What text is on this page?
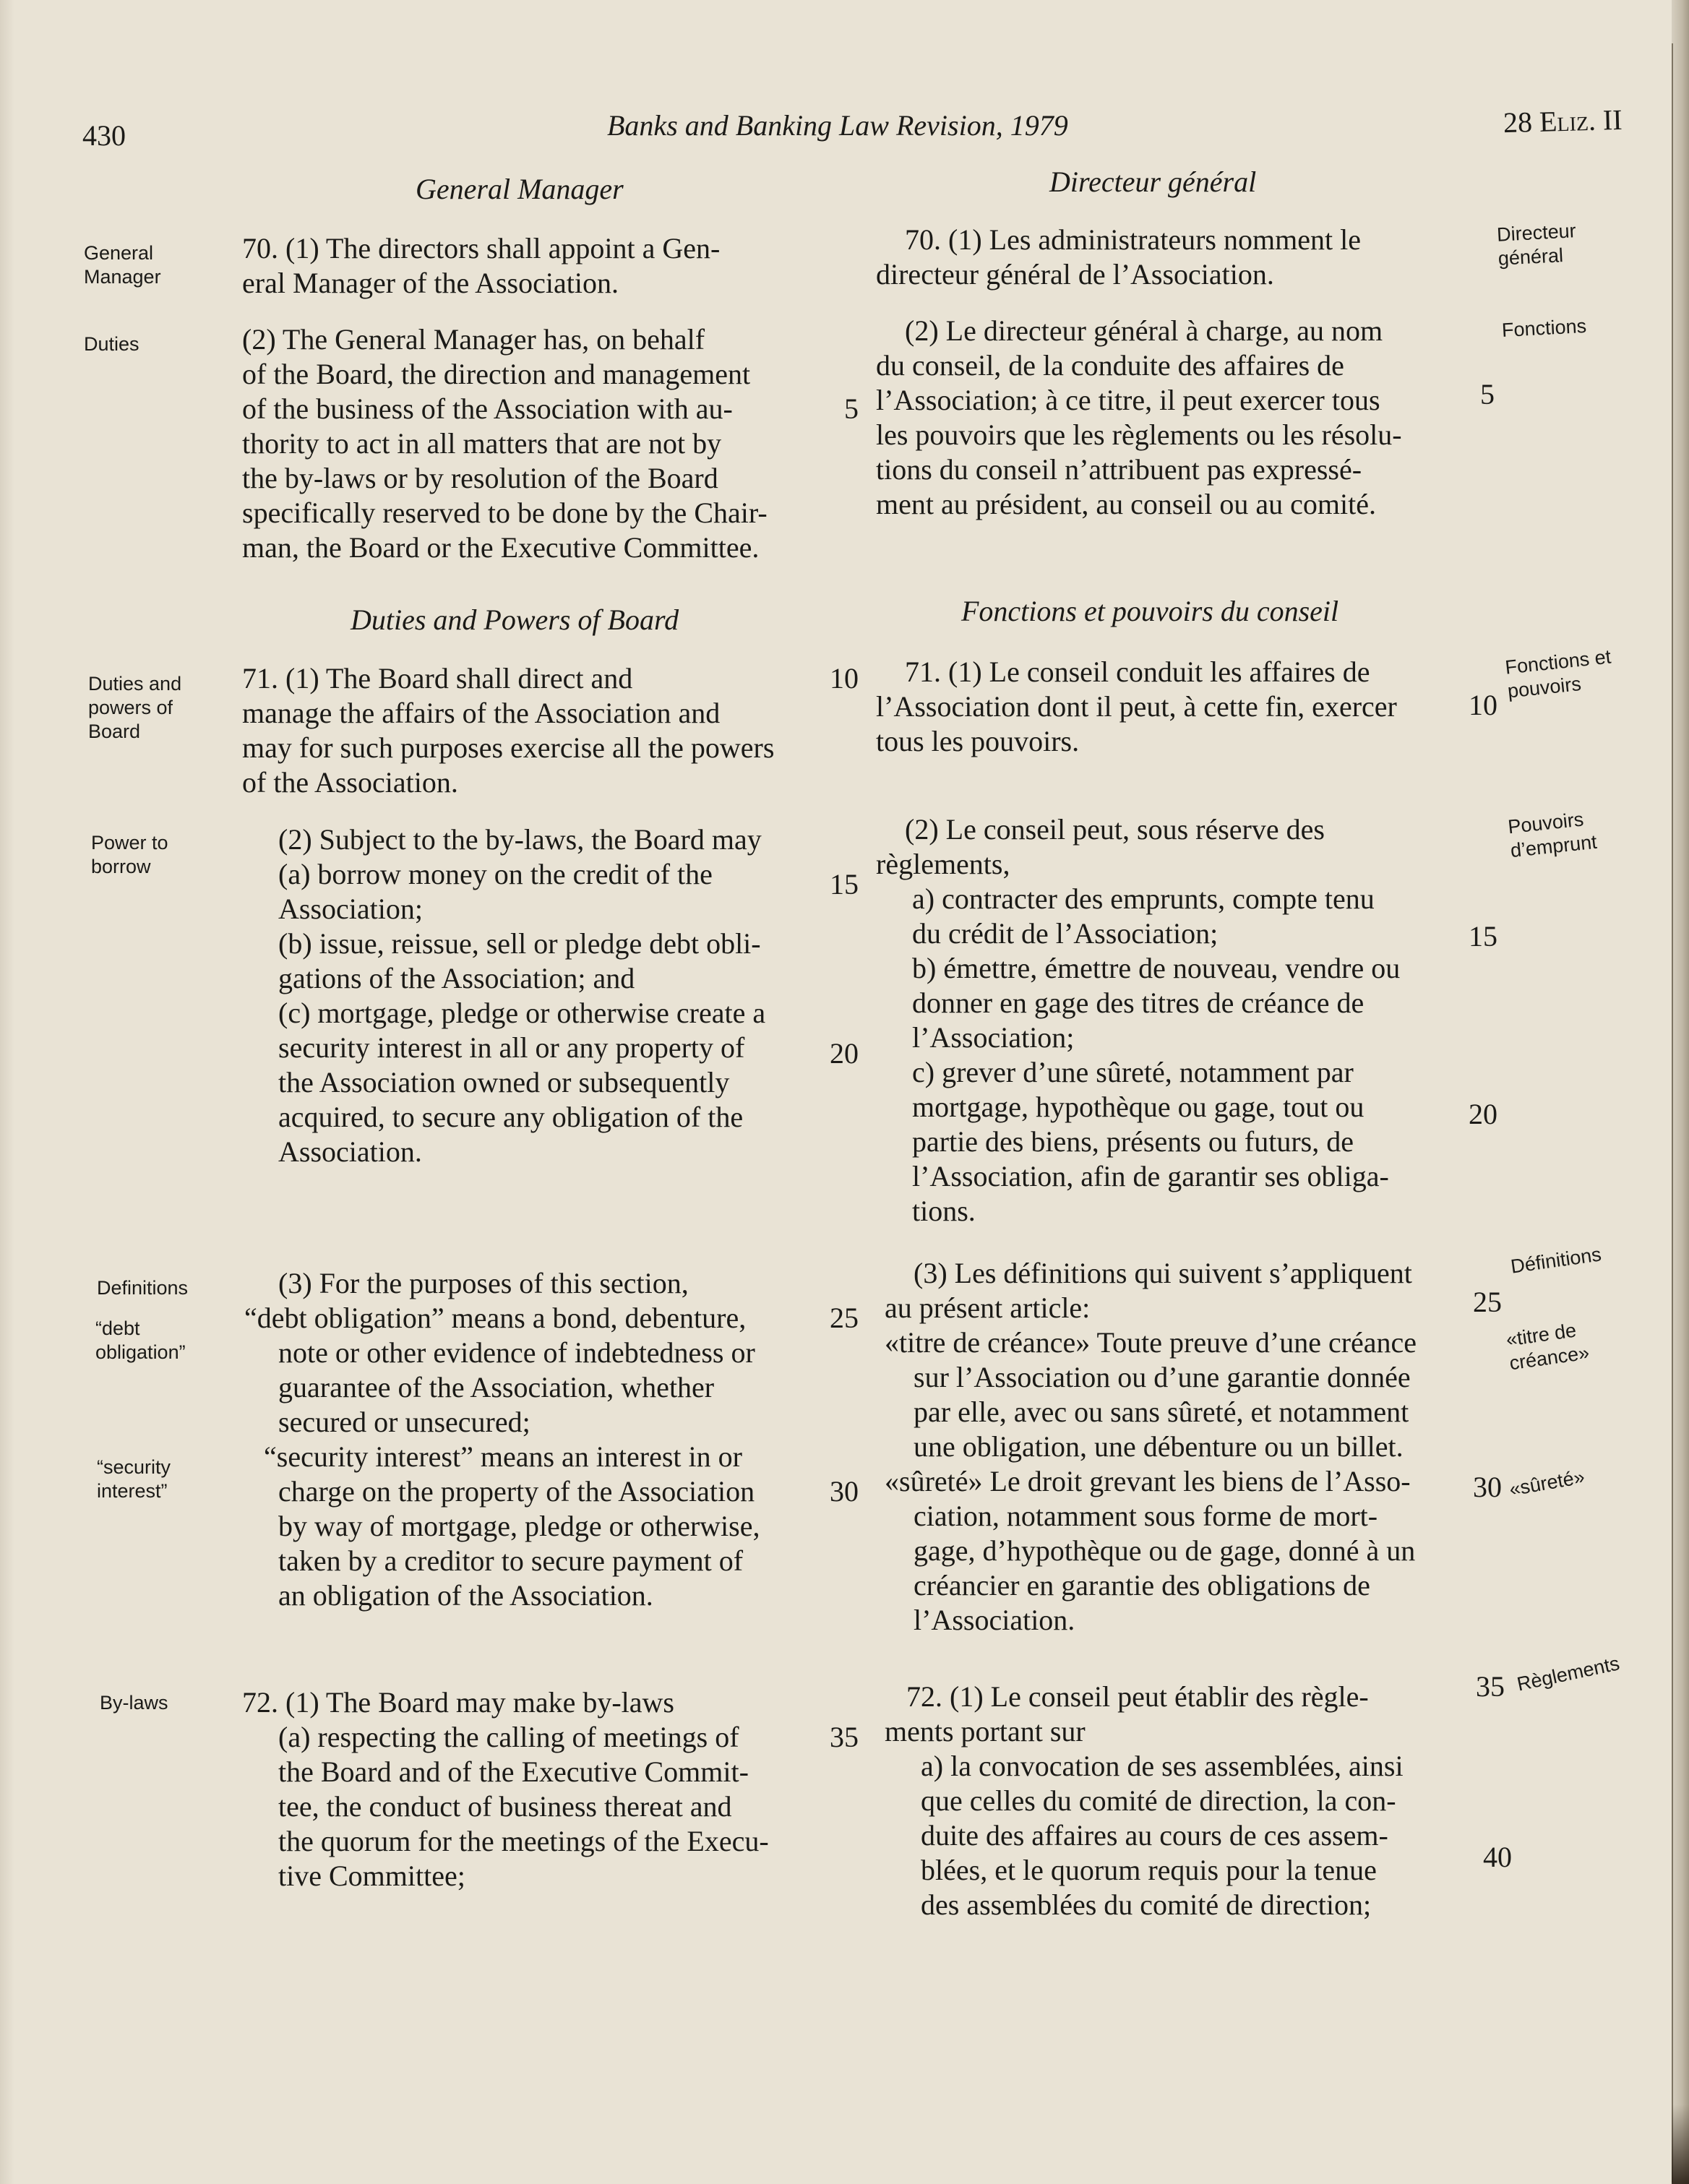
430	Banks and Banking Law Revision, 1979	28 Eliz. II
General Manager
70. (1) The directors shall appoint a Gen-
eral Manager of the Association.
(2) The General Manager has, on behalf
of the Board, the direction and management
of the business of the Association with au-
thority to act in all matters that are not by
the by-laws or by resolution of the Board
specifically reserved to be done by the Chair-
man, the Board or the Executive Committee.
Duties and Powers of Board
71. (1) The Board shall direct and
manage the affairs of the Association and
may for such purposes exercise all the powers
of the Association.
(2) Subject to the by-laws, the Board may
(a) borrow money on the credit of the
Association;
(b) issue, reissue, sell or pledge debt obli-
gations of the Association; and
(c) mortgage, pledge or otherwise create a
security interest in all or any property of
the Association owned or subsequently
acquired, to secure any obligation of the
Association.
(3) For the purposes of this section,
“debt obligation” means a bond, debenture,
note or other evidence of indebtedness or
guarantee of the Association, whether
secured or unsecured;
“security interest” means an interest in or
charge on the property of the Association
by way of mortgage, pledge or otherwise,
taken by a creditor to secure payment of
an obligation of the Association.
72. (1) The Board may make by-laws
(a) respecting the calling of meetings of
the Board and of the Executive Commit-
tee, the conduct of business thereat and
the quorum for the meetings of the Execu-
tive Committee;
5
10
15
20
25
30
35
Directeur général
70. (1) Les administrateurs nomment le
directeur général de l’Association.
(2) Le directeur général à charge, au nom
du conseil, de la conduite des affaires de
l’Association; à ce titre, il peut exercer tous
les pouvoirs que les règlements ou les résolu-
tions du conseil n’attribuent pas expressé-
ment au président, au conseil ou au comité.
Fonctions et pouvoirs du conseil
71. (1) Le conseil conduit les affaires de
l’Association dont il peut, à cette fin, exercer
tous les pouvoirs.
(2) Le conseil peut, sous réserve des
règlements,
a) contracter des emprunts, compte tenu
du crédit de l’Association;
b) émettre, émettre de nouveau, vendre ou
donner en gage des titres de créance de
l’Association;
c) grever d’une sûreté, notamment par
mortgage, hypothèque ou gage, tout ou
partie des biens, présents ou futurs, de
l’Association, afin de garantir ses obliga-
tions.
(3) Les définitions qui suivent s’appliquent
au présent article:
«titre de créance» Toute preuve d’une créance
sur l’Association ou d’une garantie donnée
par elle, avec ou sans sûreté, et notamment
une obligation, une débenture ou un billet.
«sûreté» Le droit grevant les biens de l’Asso-
ciation, notamment sous forme de mort-
gage, d’hypothèque ou de gage, donné à un
créancier en garantie des obligations de
l’Association.
72. (1) Le conseil peut établir des règle-
ments portant sur
a) la convocation de ses assemblées, ainsi
que celles du comité de direction, la con-
duite des affaires au cours de ces assem-
blées, et le quorum requis pour la tenue
des assemblées du comité de direction;
5
10
15
20
25
30
35
40
General
Manager
Duties
Duties and
powers of
Board
Power to
borrow
Definitions
“debt
obligation”
“security
interest”
By-laws
Directeur
général
Fonctions
Fonctions et
pouvoirs
Pouvoirs
d’emprunt
Définitions
«titre de
créance»
«sûreté»
Règlements
